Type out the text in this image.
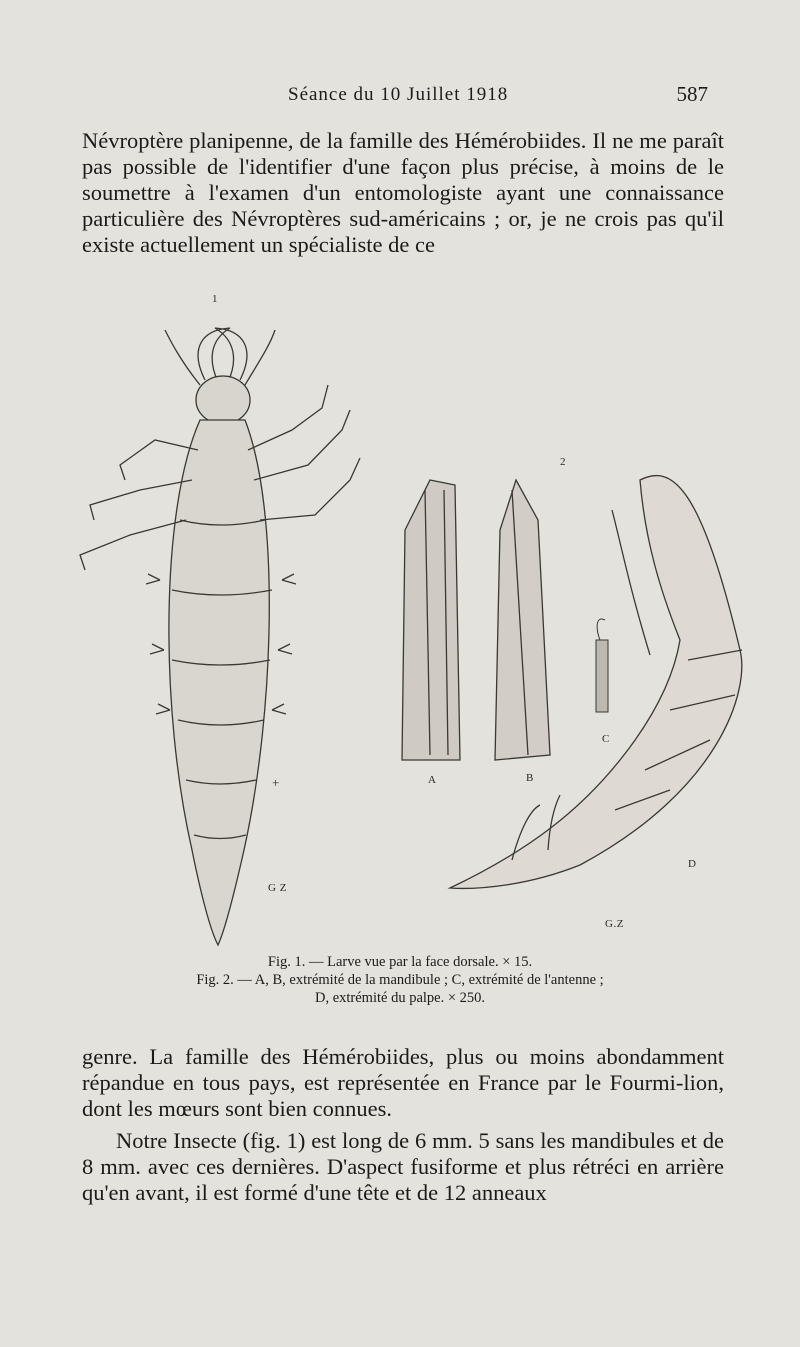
Séance du 10 Juillet 1918	587

Névroptère planipenne, de la famille des Hémérobiides. Il ne me paraît pas possible de l'identifier d'une façon plus précise, à moins de le soumettre à l'examen d'un entomologiste ayant une connaissance particulière des Névroptères sud-américains ; or, je ne crois pas qu'il existe actuellement un spécialiste de ce

1
2
+
G Z
A	B
C
D
G.Z
Fig. 1. — Larve vue par la face dorsale. × 15.
Fig. 2. — A, B, extrémité de la mandibule ; C, extrémité de l'antenne ;
D, extrémité du palpe. × 250.

genre. La famille des Hémérobiides, plus ou moins abondamment répandue en tous pays, est représentée en France par le Fourmi-lion, dont les mœurs sont bien connues.

Notre Insecte (fig. 1) est long de 6 mm. 5 sans les mandibules et de 8 mm. avec ces dernières. D'aspect fusiforme et plus rétréci en arrière qu'en avant, il est formé d'une tête et de 12 anneaux
